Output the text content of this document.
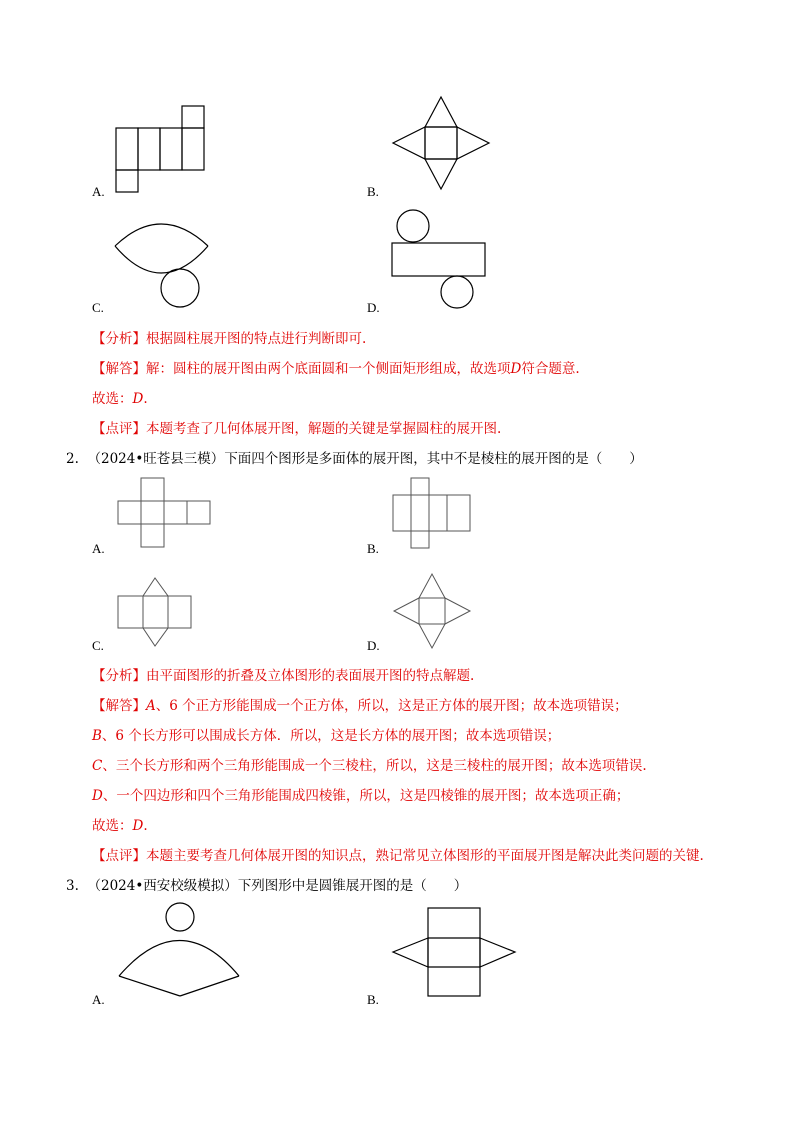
A.	B.
C.	D.
【分析】根据圆柱展开图的特点进行判断即可.
【解答】解：圆柱的展开图由两个底面圆和一个侧面矩形组成，故选项D符合题意.
故选：D.
【点评】本题考查了几何体展开图，解题的关键是掌握圆柱的展开图.
2. （2024•旺苍县三模）下面四个图形是多面体的展开图，其中不是棱柱的展开图的是（　　）
A.	B.
C.	D.
【分析】由平面图形的折叠及立体图形的表面展开图的特点解题.
【解答】A、6 个正方形能围成一个正方体，所以，这是正方体的展开图；故本选项错误；
B、6 个长方形可以围成长方体．所以，这是长方体的展开图；故本选项错误；
C、三个长方形和两个三角形能围成一个三棱柱，所以，这是三棱柱的展开图；故本选项错误.
D、一个四边形和四个三角形能围成四棱锥，所以，这是四棱锥的展开图；故本选项正确；
故选：D.
【点评】本题主要考查几何体展开图的知识点，熟记常见立体图形的平面展开图是解决此类问题的关键.
3. （2024•西安校级模拟）下列图形中是圆锥展开图的是（　　）
A.	B.
